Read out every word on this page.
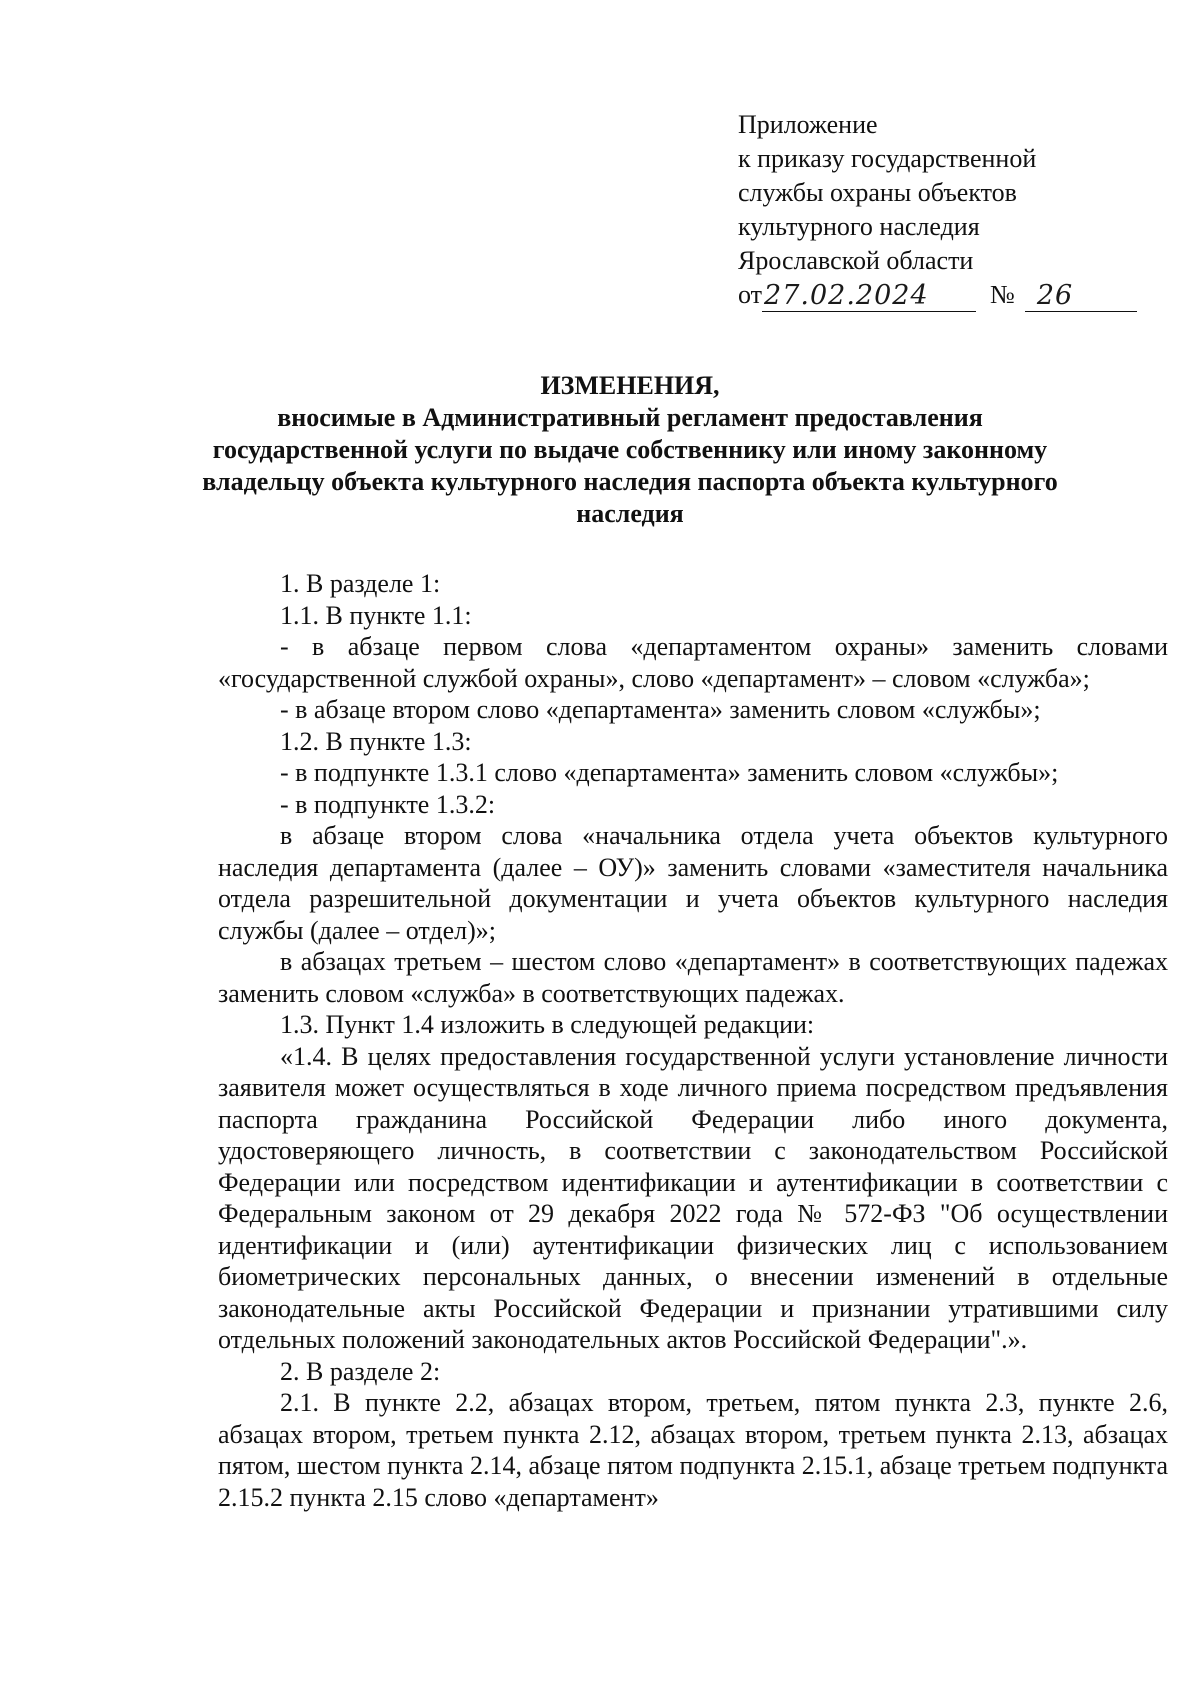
Приложение
к приказу государственной
службы охраны объектов
культурного наследия
Ярославской области
от 27.02.2024	№ 26
ИЗМЕНЕНИЯ,
вносимые в Административный регламент предоставления государственной услуги по выдаче собственнику или иному законному владельцу объекта культурного наследия паспорта объекта культурного наследия

1. В разделе 1:

1.1. В пункте 1.1:

- в абзаце первом слова «департаментом охраны» заменить словами «государственной службой охраны», слово «департамент» – словом «служба»;

- в абзаце втором слово «департамента» заменить словом «службы»;

1.2. В пункте 1.3:

- в подпункте 1.3.1 слово «департамента» заменить словом «службы»;

- в подпункте 1.3.2:

в абзаце втором слова «начальника отдела учета объектов культурного наследия департамента (далее – ОУ)» заменить словами «заместителя начальника отдела разрешительной документации и учета объектов культурного наследия службы (далее – отдел)»;

в абзацах третьем – шестом слово «департамент» в соответствующих падежах заменить словом «служба» в соответствующих падежах.

1.3. Пункт 1.4 изложить в следующей редакции:

«1.4. В целях предоставления государственной услуги установление личности заявителя может осуществляться в ходе личного приема посредством предъявления паспорта гражданина Российской Федерации либо иного документа, удостоверяющего личность, в соответствии с законодательством Российской Федерации или посредством идентификации и аутентификации в соответствии с Федеральным законом от 29 декабря 2022 года № 572-ФЗ "Об осуществлении идентификации и (или) аутентификации физических лиц с использованием биометрических персональных данных, о внесении изменений в отдельные законодательные акты Российской Федерации и признании утратившими силу отдельных положений законодательных актов Российской Федерации".».

2. В разделе 2:

2.1. В пункте 2.2, абзацах втором, третьем, пятом пункта 2.3, пункте 2.6, абзацах втором, третьем пункта 2.12, абзацах втором, третьем пункта 2.13, абзацах пятом, шестом пункта 2.14, абзаце пятом подпункта 2.15.1, абзаце третьем подпункта 2.15.2 пункта 2.15 слово «департамент»
